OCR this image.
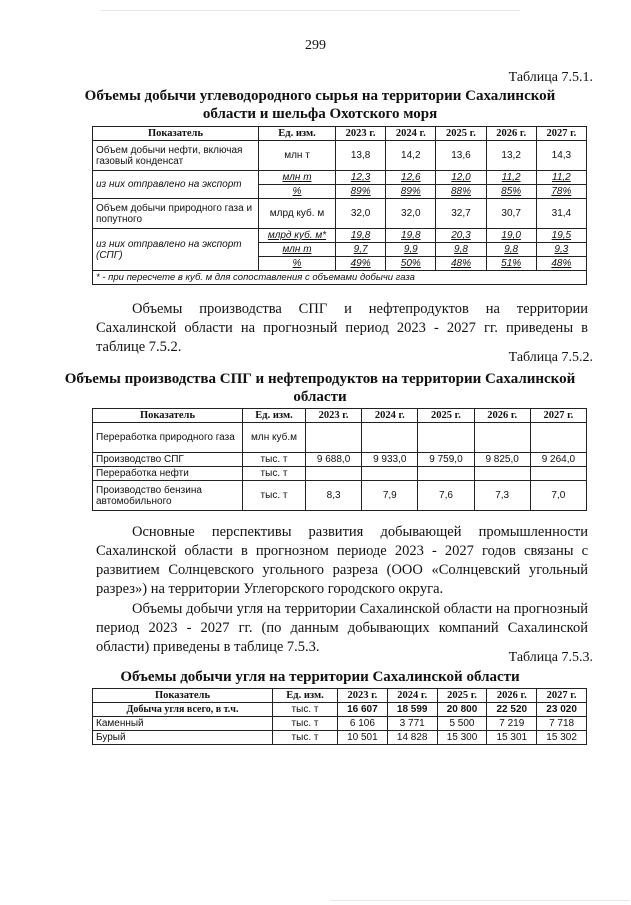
299
Таблица 7.5.1.
Объемы добычи углеводородного сырья на территории Сахалинской области и шельфа Охотского моря
Показатель	Ед. изм.	2023 г.	2024 г.	2025 г.	2026 г.	2027 г.
Объем добычи нефти, включая газовый конденсат	млн т	13,8	14,2	13,6	13,2	14,3
из них отправлено на экспорт	млн т	12,3	12,6	12,0	11,2	11,2
	%	89%	89%	88%	85%	78%
Объем добычи природного газа и попутного	млрд куб. м	32,0	32,0	32,7	30,7	31,4
из них отправлено на экспорт (СПГ)	млрд куб. м*	19,8	19,8	20,3	19,0	19,5
	млн т	9,7	9,9	9,8	9,8	9,3
	%	49%	50%	48%	51%	48%
* - при пересчете в куб. м для сопоставления с объемами добычи газа						
Объемы производства СПГ и нефтепродуктов на территории Сахалинской области на прогнозный период 2023 - 2027 гг. приведены в таблице 7.5.2.
Таблица 7.5.2.
Объемы производства СПГ и нефтепродуктов на территории Сахалинской области
Показатель	Ед. изм.	2023 г.	2024 г.	2025 г.	2026 г.	2027 г.
Переработка природного газа	млн куб.м					
Производство СПГ	тыс. т	9 688,0	9 933,0	9 759,0	9 825,0	9 264,0
Переработка нефти	тыс. т					
Производство бензина автомобильного	тыс. т	8,3	7,9	7,6	7,3	7,0
Основные перспективы развития добывающей промышленности Сахалинской области в прогнозном периоде 2023 - 2027 годов связаны с развитием Солнцевского угольного разреза (ООО «Солнцевский угольный разрез») на территории Углегорского городского округа.
Объемы добычи угля на территории Сахалинской области на прогнозный период 2023 - 2027 гг. (по данным добывающих компаний Сахалинской области) приведены в таблице 7.5.3.
Таблица 7.5.3.
Объемы добычи угля на территории Сахалинской области
Показатель	Ед. изм.	2023 г.	2024 г.	2025 г.	2026 г.	2027 г.
Добыча угля всего, в т.ч.	тыс. т	16 607	18 599	20 800	22 520	23 020
Каменный	тыс. т	6 106	3 771	5 500	7 219	7 718
Бурый	тыс. т	10 501	14 828	15 300	15 301	15 302
